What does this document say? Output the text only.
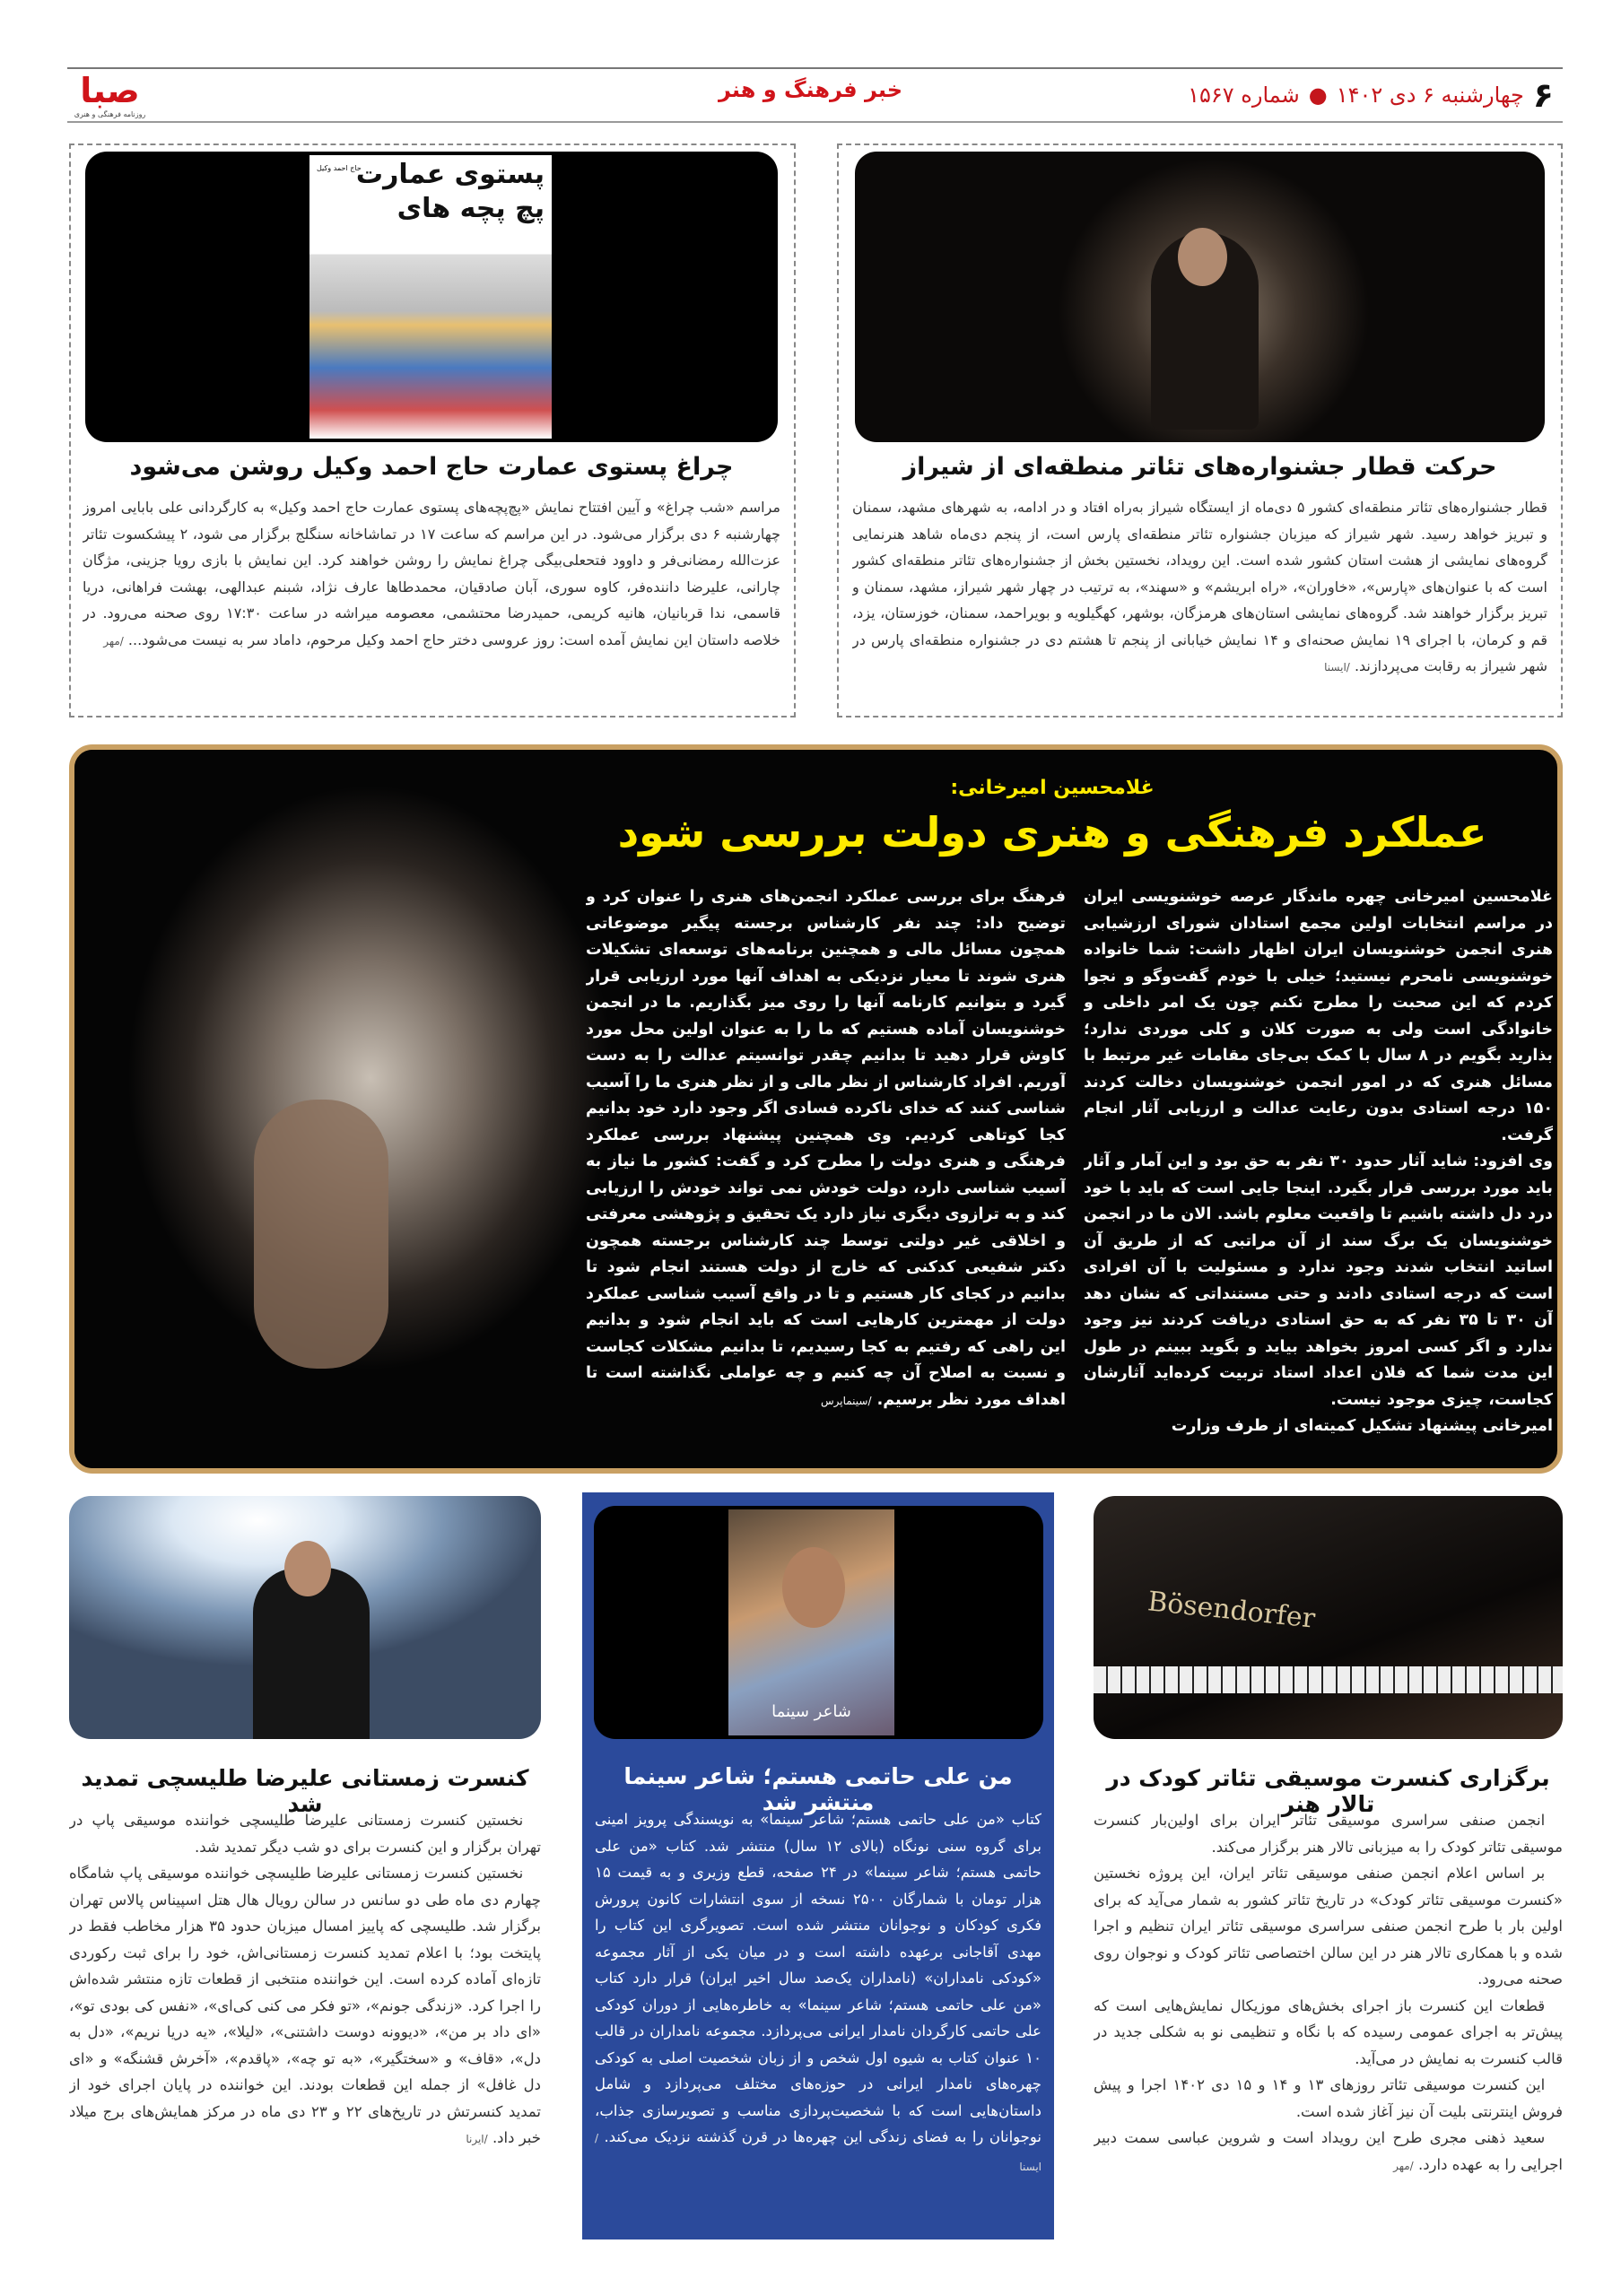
۶
چهارشنبه ۶ دی ۱۴۰۲
●
شماره ۱۵۶۷
خبر فرهنگ و هنر
صبا
روزنامه فرهنگی و هنری
حرکت قطار جشنواره‌های تئاتر منطقه‌ای از شیراز
قطار جشنواره‌های تئاتر منطقه‌ای کشور ۵ دی‌ماه از ایستگاه شیراز به‌راه افتاد و در ادامه، به شهرهای مشهد، سمنان و تبریز خواهد رسید. شهر شیراز که میزبان جشنواره تئاتر منطقه‌ای پارس است، از پنجم دی‌ماه شاهد هنرنمایی گروه‌های نمایشی از هشت استان کشور شده است. این رویداد، نخستین بخش از جشنواره‌های تئاتر منطقه‌ای کشور است که با عنوان‌های «پارس»، «خاوران»، «راه ابریشم» و «سهند»، به ترتیب در چهار شهر شیراز، مشهد، سمنان و تبریز برگزار خواهند شد. گروه‌های نمایشی استان‌های هرمزگان، بوشهر، کهگیلویه و بویراحمد، سمنان، خوزستان، یزد، قم و کرمان، با اجرای ۱۹ نمایش صحنه‌ای و ۱۴ نمایش خیابانی از پنجم تا هشتم دی در جشنواره منطقه‌ای پارس در شهر شیراز به رقابت می‌پردازند. /ایسنا
پستوی عمارت
پچ پچه های
حاج احمد وکیل
چراغ پستوی عمارت حاج احمد وکیل روشن می‌شود
مراسم «شب چراغ» و آیین افتتاح نمایش «پچ‌پچه‌های پستوی عمارت حاج احمد وکیل» به کارگردانی علی بابایی امروز چهارشنبه ۶ دی برگزار می‌شود. در این مراسم که ساعت ۱۷ در تماشاخانه سنگلج برگزار می شود، ۲ پیشکسوت تئاتر عزت‌الله رمضانی‌فر و داوود فتحعلی‌بیگی چراغ نمایش را روشن خواهند کرد. این نمایش با بازی رویا جزینی، مژگان چارانی، علیرضا داننده‌فر، کاوه سوری، آبان صادقیان، محمدطاها عارف نژاد، شبنم عبدالهی، بهشت فراهانی، دریا قاسمی، ندا قربانیان، هانیه کریمی، حمیدرضا محتشمی، معصومه میراشه در ساعت ۱۷:۳۰ روی صحنه می‌رود. در خلاصه داستان این نمایش آمده است: روز عروسی دختر حاج احمد وکیل مرحوم، داماد سر به نیست می‌شود... /مهر
غلامحسین امیرخانی:
عملکرد فرهنگی و هنری دولت بررسی شود

غلامحسین امیرخانی چهره ماندگار عرصه خوشنویسی ایران در مراسم انتخابات اولین مجمع استادان شورای ارزشیابی هنری انجمن خوشنویسان ایران اظهار داشت: شما خانواده خوشنویسی نامحرم نیستید؛ خیلی با خودم گفت‌وگو و نجوا کردم که این صحبت را مطرح نکنم چون یک امر داخلی و خانوادگی است ولی به صورت کلان و کلی موردی ندارد؛ بذارید بگویم در ۸ سال با کمک بی‌جای مقامات غیر مرتبط با مسائل هنری که در امور انجمن خوشنویسان دخالت کردند ۱۵۰ درجه استادی بدون رعایت عدالت و ارزیابی آثار انجام گرفت.

وی افزود: شاید آثار حدود ۳۰ نفر به حق بود و این آمار و آثار باید مورد بررسی قرار بگیرد. اینجا جایی است که باید با خود درد دل داشته باشیم تا واقعیت معلوم باشد. الان ما در انجمن خوشنویسان یک برگ سند از آن مراتبی که از طریق آن اساتید انتخاب شدند وجود ندارد و مسئولیت با آن افرادی است که درجه استادی دادند و حتی مستنداتی که نشان دهد آن ۳۰ تا ۳۵ نفر که به حق استادی دریافت کردند نیز وجود ندارد و اگر کسی امروز بخواهد بیاید و بگوید ببینم در طول این مدت شما که فلان اعداد استاد تربیت کرده‌اید آثارشان کجاست، چیزی موجود نیست.

امیرخانی پیشنهاد تشکیل کمیته‌ای از طرف وزارت

فرهنگ برای بررسی عملکرد انجمن‌های هنری را عنوان کرد و توضیح داد: چند نفر کارشناس برجسته پیگیر موضوعاتی همچون مسائل مالی و همچنین برنامه‌های توسعه‌ای تشکیلات هنری شوند تا معیار نزدیکی به اهداف آنها مورد ارزیابی قرار گیرد و بتوانیم کارنامه آنها را روی میز بگذاریم. ما در انجمن خوشنویسان آماده هستیم که ما را به عنوان اولین محل مورد کاوش قرار دهید تا بدانیم چقدر توانسیتم عدالت را به دست آوریم. افراد کارشناس از نظر مالی و از نظر هنری ما را آسیب شناسی کنند که خدای ناکرده فسادی اگر وجود دارد خود بدانیم کجا کوتاهی کردیم. وی همچنین پیشنهاد بررسی عملکرد فرهنگی و هنری دولت را مطرح کرد و گفت: کشور ما نیاز به آسیب شناسی دارد، دولت خودش نمی تواند خودش را ارزیابی کند و به ترازوی دیگری نیاز دارد یک تحقیق و پژوهشی معرفتی و اخلاقی غیر دولتی توسط چند کارشناس برجسته همچون دکتر شفیعی کدکنی که خارج از دولت هستند انجام شود تا بدانیم در کجای کار هستیم و تا در واقع آسیب شناسی عملکرد دولت از مهمترین کارهایی است که باید انجام شود و بدانیم این راهی که رفتیم به کجا رسیدیم، تا بدانیم مشکلات کجاست و نسبت به اصلاح آن چه کنیم و چه عواملی نگذاشته است تا اهداف مورد نظر برسیم. /سینماپرس
Bösendorfer
برگزاری کنسرت موسیقی تئاتر کودک در تالار هنر

انجمن صنفی سراسری موسیقی تئاتر ایران برای اولین‌بار کنسرت موسیقی تئاتر کودک را به میزبانی تالار هنر برگزار می‌کند.

بر اساس اعلام انجمن صنفی موسیقی تئاتر ایران، این پروژه نخستین «کنسرت موسیقی تئاتر کودک» در تاریخ تئاتر کشور به شمار می‌آید که برای اولین بار با طرح انجمن صنفی سراسری موسیقی تئاتر ایران تنظیم و اجرا شده و با همکاری تالار هنر در این سالن اختصاصی تئاتر کودک و نوجوان روی صحنه می‌رود.

قطعات این کنسرت باز اجرای بخش‌های موزیکال نمایش‌هایی است که پیش‌تر به اجرای عمومی رسیده که با نگاه و تنظیمی نو به شکلی جدید در قالب کنسرت به نمایش در می‌آید.

این کنسرت موسیقی تئاتر روزهای ۱۳ و ۱۴ و ۱۵ دی ۱۴۰۲ اجرا و پیش فروش اینترنتی بلیت آن نیز آغاز شده است.

سعید ذهنی مجری طرح این رویداد است و شروین عباسی سمت دبیر اجرایی را به عهده دارد. /مهر

شاعر سینما
من علی حاتمی هستم؛ شاعر سینما منتشر شد
کتاب «من علی حاتمی هستم؛ شاعر سینما» به نویسندگی پرویز امینی برای گروه سنی نونگاه (بالای ۱۲ سال) منتشر شد. کتاب «من علی حاتمی هستم؛ شاعر سینما» در ۲۴ صفحه، قطع وزیری و به قیمت ۱۵ هزار تومان با شمارگان ۲۵۰۰ نسخه از سوی انتشارات کانون پرورش فکری کودکان و نوجوانان منتشر شده است. تصویرگری این کتاب را مهدی آقاجانی برعهده داشته است و در میان یکی از آثار مجموعه «کودکی نامداران» (نامداران یک‌صد سال اخیر ایران) قرار دارد کتاب «من علی حاتمی هستم؛ شاعر سینما» به خاطره‌هایی از دوران کودکی علی حاتمی کارگردان نامدار ایرانی می‌پردازد. مجموعه نامداران در قالب ۱۰ عنوان کتاب به شیوه اول شخص و از زبان شخصیت اصلی به کودکی چهره‌های نامدار ایرانی در حوزه‌های مختلف می‌پردازد و شامل داستان‌هایی است که با شخصیت‌پردازی مناسب و تصویرسازی جذاب، نوجوانان را به فضای زندگی این چهره‌ها در قرن گذشته نزدیک می‌کند. /ایسنا
کنسرت زمستانی علیرضا طلیسچی تمدید شد

نخستین کنسرت زمستانی علیرضا طلیسچی خواننده موسیقی پاپ در تهران برگزار و این کنسرت برای دو شب دیگر تمدید شد.

نخستین کنسرت زمستانی علیرضا طلیسچی خواننده موسیقی پاپ شامگاه چهارم دی ماه طی دو سانس در سالن رویال هال هتل اسپیناس پالاس تهران برگزار شد. طلیسچی که پاییز امسال میزبان حدود ۳۵ هزار مخاطب فقط در پایتخت بود؛ با اعلام تمدید کنسرت زمستانی‌اش، خود را برای ثبت رکوردی تازه‌ای آماده کرده است. این خواننده منتخبی از قطعات تازه منتشر شده‌اش را اجرا کرد. «زندگی جونم»، «تو فکر می کنی کی‌ای»، «نفس کی بودی تو»، «ای داد بر من»، «دیوونه دوست داشتنی»، «لیلا»، «یه دریا نریم»، «دل به دل»، «قاف» و «سختگیر»، «به تو چه»، «پاقدم»، «آخرش قشنگه» و «ای دل غافل» از جمله این قطعات بودند. این خواننده در پایان اجرای خود از تمدید کنسرتش در تاریخ‌های ۲۲ و ۲۳ دی ماه در مرکز همایش‌های برج میلاد خبر داد. /ایرنا
